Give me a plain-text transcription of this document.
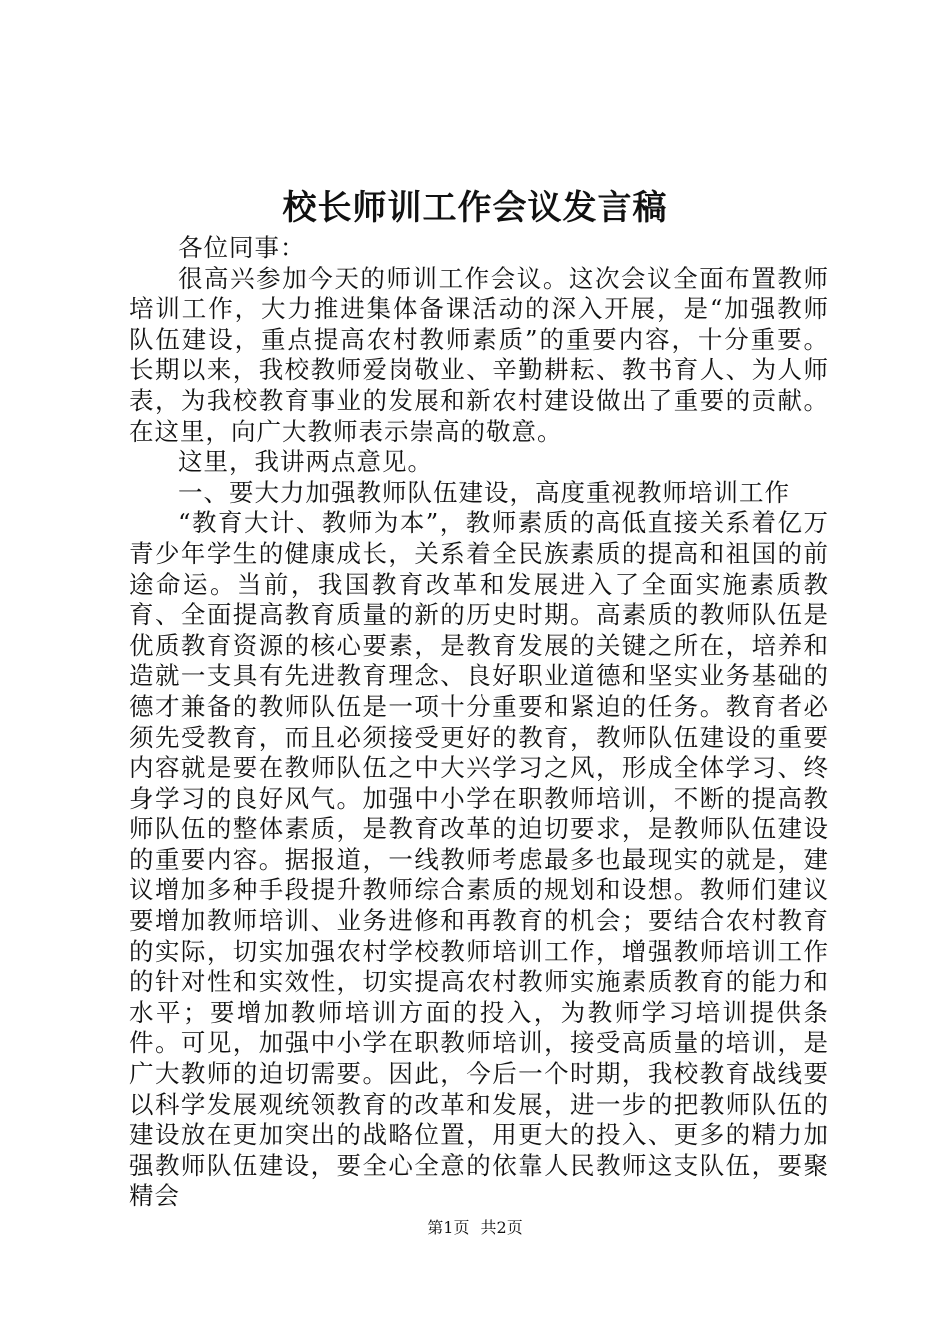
校长师训工作会议发言稿

各位同事：

很高兴参加今天的师训工作会议。这次会议全面布置教师培训工作，大力推进集体备课活动的深入开展，是“加强教师队伍建设，重点提高农村教师素质”的重要内容，十分重要。长期以来，我校教师爱岗敬业、辛勤耕耘、教书育人、为人师表，为我校教育事业的发展和新农村建设做出了重要的贡献。在这里，向广大教师表示崇高的敬意。

这里，我讲两点意见。

一、要大力加强教师队伍建设，高度重视教师培训工作

“教育大计、教师为本”，教师素质的高低直接关系着亿万青少年学生的健康成长，关系着全民族素质的提高和祖国的前途命运。当前，我国教育改革和发展进入了全面实施素质教育、全面提高教育质量的新的历史时期。高素质的教师队伍是优质教育资源的核心要素，是教育发展的关键之所在，培养和造就一支具有先进教育理念、良好职业道德和坚实业务基础的德才兼备的教师队伍是一项十分重要和紧迫的任务。教育者必须先受教育，而且必须接受更好的教育，教师队伍建设的重要内容就是要在教师队伍之中大兴学习之风，形成全体学习、终身学习的良好风气。加强中小学在职教师培训，不断的提高教师队伍的整体素质，是教育改革的迫切要求，是教师队伍建设的重要内容。据报道，一线教师考虑最多也最现实的就是，建议增加多种手段提升教师综合素质的规划和设想。教师们建议要增加教师培训、业务进修和再教育的机会；要结合农村教育的实际，切实加强农村学校教师培训工作，增强教师培训工作的针对性和实效性，切实提高农村教师实施素质教育的能力和水平；要增加教师培训方面的投入，为教师学习培训提供条件。可见，加强中小学在职教师培训，接受高质量的培训，是广大教师的迫切需要。因此，今后一个时期，我校教育战线要以科学发展观统领教育的改革和发展，进一步的把教师队伍的建设放在更加突出的战略位置，用更大的投入、更多的精力加强教师队伍建设，要全心全意的依靠人民教师这支队伍，要聚精会

第1页 共2页
